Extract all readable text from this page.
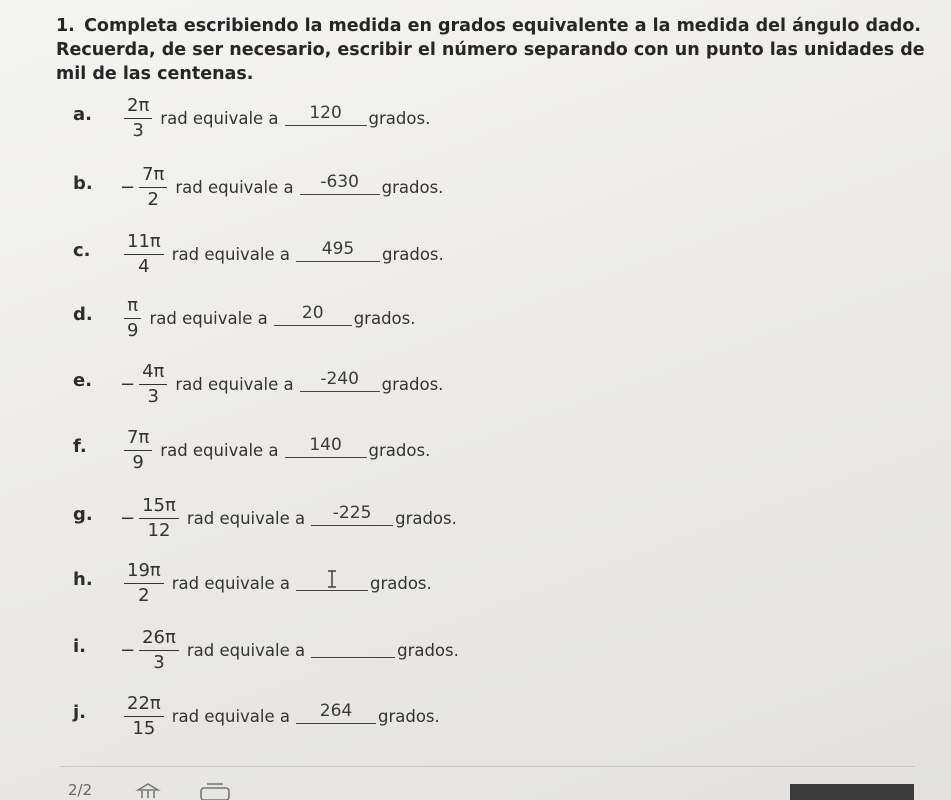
1. Completa escribiendo la medida en grados equivalente a la medida del ángulo dado. Recuerda, de ser necesario, escribir el número separando con un punto las unidades de mil de las centenas.
a. $\frac{2\pi}{3}$ rad equivale a	120	grados.
b. − $\frac{7\pi}{2}$ rad equivale a	-630	grados.
c. $\frac{11\pi}{4}$ rad equivale a	495	grados.
d. $\frac{\pi}{9}$ rad equivale a	20	grados.
e. − $\frac{4\pi}{3}$ rad equivale a	-240	grados.
f. $\frac{7\pi}{9}$ rad equivale a	140	grados.
g. − $\frac{15\pi}{12}$ rad equivale a	-225	grados.
h. $\frac{19\pi}{2}$ rad equivale a	grados.
i. − $\frac{26\pi}{3}$ rad equivale a	grados.
j. $\frac{22\pi}{15}$ rad equivale a	264	grados.
2/2
